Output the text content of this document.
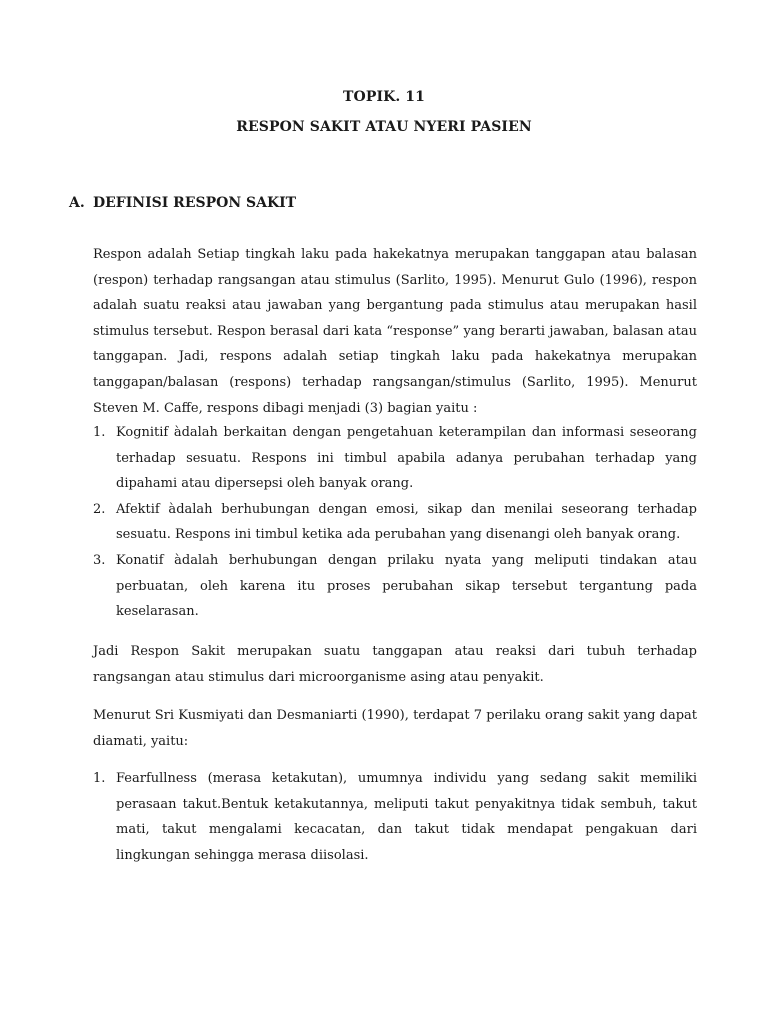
TOPIK. 11
RESPON SAKIT ATAU NYERI PASIEN
A. DEFINISI RESPON SAKIT
Respon adalah Setiap tingkah laku pada hakekatnya merupakan tanggapan atau balasan (respon) terhadap rangsangan atau stimulus (Sarlito, 1995). Menurut Gulo (1996), respon adalah suatu reaksi atau jawaban yang bergantung pada stimulus atau merupakan hasil stimulus tersebut. Respon berasal dari kata “response” yang berarti jawaban, balasan atau tanggapan. Jadi, respons adalah setiap tingkah laku pada hakekatnya merupakan tanggapan/balasan (respons) terhadap rangsangan/stimulus (Sarlito, 1995). Menurut Steven M. Caffe, respons dibagi menjadi (3) bagian yaitu :
1. Kognitif àdalah berkaitan dengan pengetahuan keterampilan dan informasi seseorang terhadap sesuatu. Respons ini timbul apabila adanya perubahan terhadap yang dipahami atau dipersepsi oleh banyak orang.
2. Afektif àdalah berhubungan dengan emosi, sikap dan menilai seseorang terhadap sesuatu. Respons ini timbul ketika ada perubahan yang disenangi oleh banyak orang.
3. Konatif àdalah berhubungan dengan prilaku nyata yang meliputi tindakan atau perbuatan, oleh karena itu proses perubahan sikap tersebut tergantung pada keselarasan.
Jadi Respon Sakit merupakan suatu tanggapan atau reaksi dari tubuh terhadap rangsangan atau stimulus dari microorganisme asing atau penyakit.
Menurut Sri Kusmiyati dan Desmaniarti (1990), terdapat 7 perilaku orang sakit yang dapat diamati, yaitu:
1. Fearfullness (merasa ketakutan), umumnya individu yang sedang sakit memiliki perasaan takut.Bentuk ketakutannya, meliputi takut penyakitnya tidak sembuh, takut mati, takut mengalami kecacatan, dan takut tidak mendapat pengakuan dari lingkungan sehingga merasa diisolasi.
